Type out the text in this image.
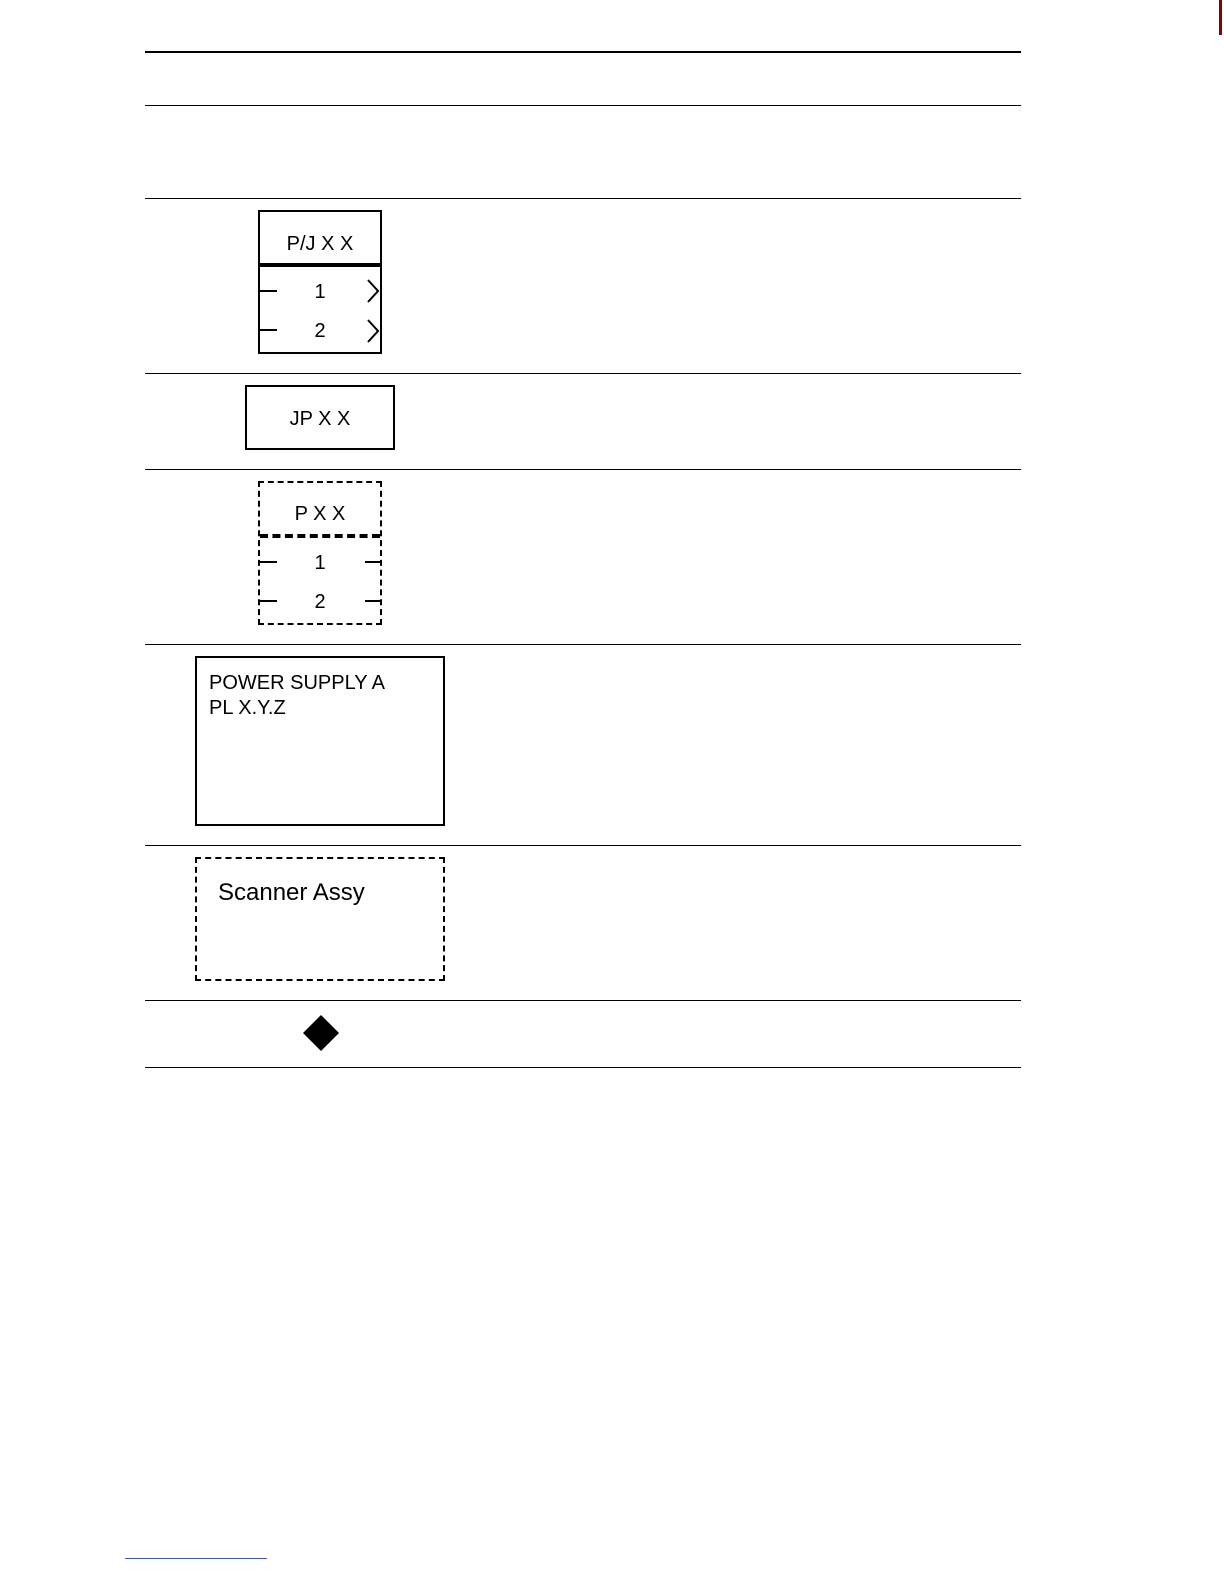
P/J X X
1
2
JP X X
P X X
1
2
POWER SUPPLY A
PL X.Y.Z
Scanner Assy
